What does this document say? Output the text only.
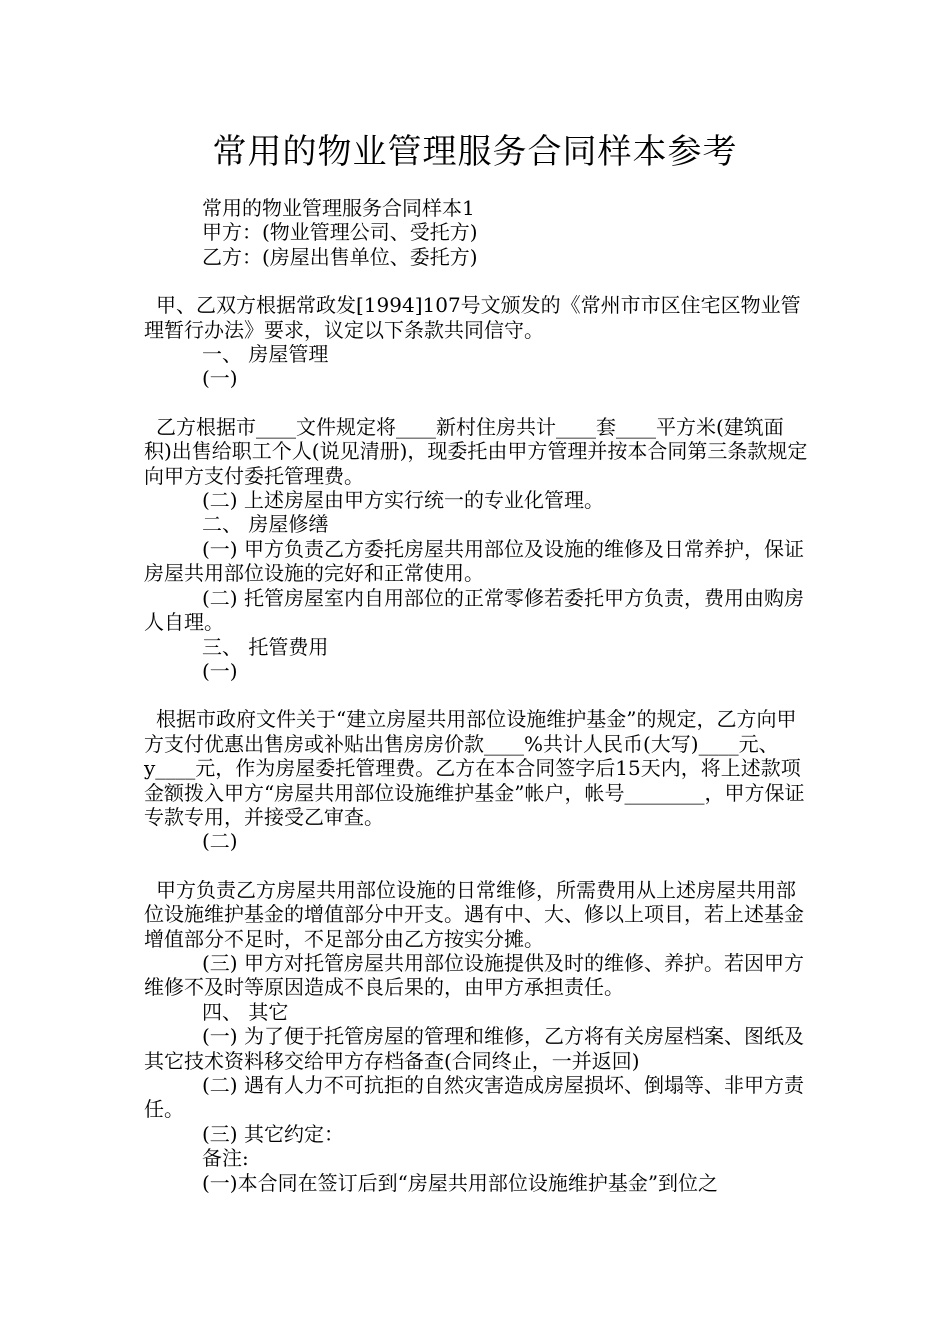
常用的物业管理服务合同样本参考

常用的物业管理服务合同样本1

甲方：(物业管理公司、受托方)

乙方：(房屋出售单位、委托方)

甲、乙双方根据常政发[1994]107号文颁发的《常州市市区住宅区物业管理暂行办法》要求，议定以下条款共同信守。

一、 房屋管理

(一)

乙方根据市____文件规定将____新村住房共计____套____平方米(建筑面积)出售给职工个人(说见清册)，现委托由甲方管理并按本合同第三条款规定向甲方支付委托管理费。

(二) 上述房屋由甲方实行统一的专业化管理。

二、 房屋修缮

(一) 甲方负责乙方委托房屋共用部位及设施的维修及日常养护，保证房屋共用部位设施的完好和正常使用。

(二) 托管房屋室内自用部位的正常零修若委托甲方负责，费用由购房人自理。

三、 托管费用

(一)

根据市政府文件关于“建立房屋共用部位设施维护基金”的规定，乙方向甲方支付优惠出售房或补贴出售房房价款____%共计人民币(大写)____元、y____元，作为房屋委托管理费。乙方在本合同签字后15天内，将上述款项金额拨入甲方“房屋共用部位设施维护基金”帐户，帐号________，甲方保证专款专用，并接受乙审查。

(二)

甲方负责乙方房屋共用部位设施的日常维修，所需费用从上述房屋共用部位设施维护基金的增值部分中开支。遇有中、大、修以上项目，若上述基金增值部分不足时，不足部分由乙方按实分摊。

(三) 甲方对托管房屋共用部位设施提供及时的维修、养护。若因甲方维修不及时等原因造成不良后果的，由甲方承担责任。

四、 其它

(一) 为了便于托管房屋的管理和维修，乙方将有关房屋档案、图纸及其它技术资料移交给甲方存档备查(合同终止，一并返回)

(二) 遇有人力不可抗拒的自然灾害造成房屋损坏、倒塌等、非甲方责任。

(三) 其它约定：

备注:

(一)本合同在签订后到“房屋共用部位设施维护基金”到位之
